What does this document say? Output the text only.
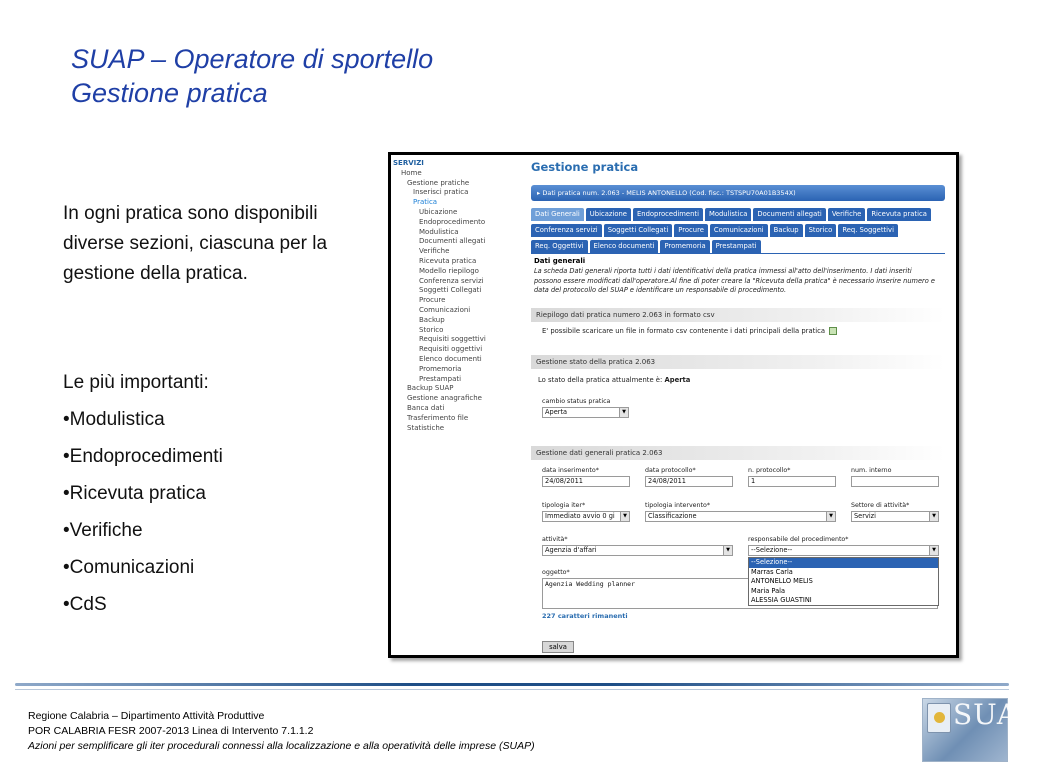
SUAP – Operatore di sportello
Gestione pratica
In ogni pratica sono disponibili diverse sezioni, ciascuna per la gestione della pratica.
Le più importanti:
•Modulistica
•Endoprocedimenti
•Ricevuta pratica
•Verifiche
•Comunicazioni
•CdS
SERVIZI
Home
Gestione pratiche
Inserisci pratica
Pratica
Ubicazione
Endoprocedimento
Modulistica
Documenti allegati
Verifiche
Ricevuta pratica
Modello riepilogo
Conferenza servizi
Soggetti Collegati
Procure
Comunicazioni
Backup
Storico
Requisiti soggettivi
Requisiti oggettivi
Elenco documenti
Promemoria
Prestampati
Backup SUAP
Gestione anagrafiche
Banca dati
Trasferimento file
Statistiche
Gestione pratica
▸ Dati pratica num. 2.063 - MELIS ANTONELLO (Cod. fisc.: TSTSPU70A01B354X)
Dati Generali	Ubicazione	Endoprocedimenti	Modulistica	Documenti allegati	Verifiche	Ricevuta pratica
Conferenza servizi	Soggetti Collegati	Procure	Comunicazioni	Backup	Storico	Req. Soggettivi
Req. Oggettivi	Elenco documenti	Promemoria	Prestampati
Dati generali
La scheda Dati generali riporta tutti i dati identificativi della pratica immessi all'atto dell'inserimento. I dati inseriti possono essere modificati dall'operatore.Al fine di poter creare la "Ricevuta della pratica" è necessario inserire numero e data del protocollo del SUAP e identificare un responsabile di procedimento.
Riepilogo dati pratica numero 2.063 in formato csv
E' possibile scaricare un file in formato csv contenente i dati principali della pratica
Gestione stato della pratica 2.063
Lo stato della pratica attualmente è: Aperta
cambio status pratica
Aperta	▼
Gestione dati generali pratica 2.063
data inserimento*
24/08/2011
data protocollo*
24/08/2011
n. protocollo*
1
num. interno
tipologia iter*
Immediato avvio 0 gi	▼
tipologia intervento*
Classificazione	▼
Settore di attività*
Servizi	▼
attività*
Agenzia d'affari	▼
responsabile del procedimento*
--Selezione--	▼
oggetto*
Agenzia Wedding planner
--Selezione--
Marras Carla
ANTONELLO MELIS
Maria Pala
ALESSIA GUASTINI
227 caratteri rimanenti
salva
Regione Calabria – Dipartimento Attività Produttive
POR CALABRIA FESR 2007-2013 Linea di Intervento 7.1.1.2
Azioni per semplificare gli iter procedurali connessi alla localizzazione e alla operatività delle imprese (SUAP)
SUAP
